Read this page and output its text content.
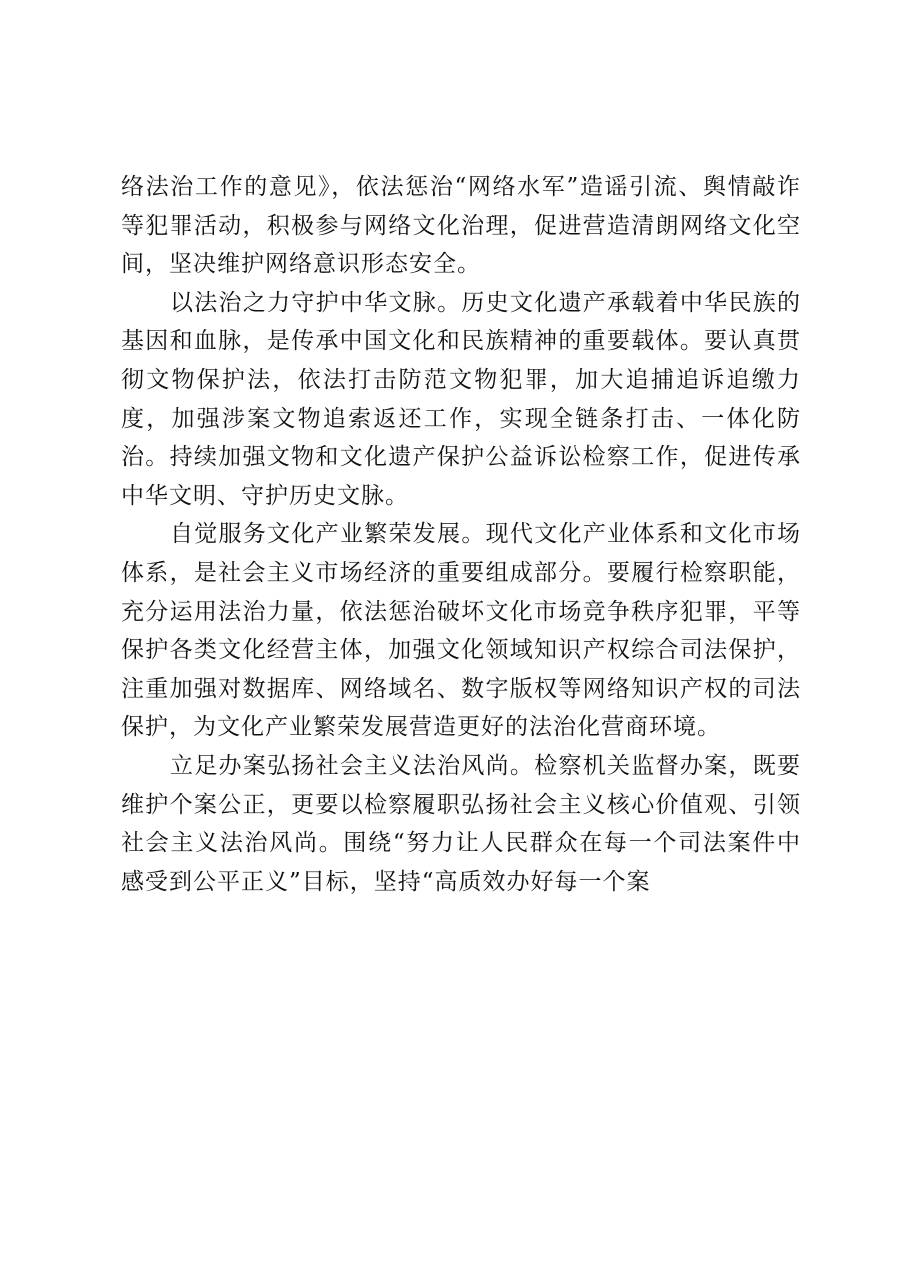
络法治工作的意见》，依法惩治“网络水军”造谣引流、舆情敲诈等犯罪活动，积极参与网络文化治理，促进营造清朗网络文化空间，坚决维护网络意识形态安全。

以法治之力守护中华文脉。历史文化遗产承载着中华民族的基因和血脉，是传承中国文化和民族精神的重要载体。要认真贯彻文物保护法，依法打击防范文物犯罪，加大追捕追诉追缴力度，加强涉案文物追索返还工作，实现全链条打击、一体化防治。持续加强文物和文化遗产保护公益诉讼检察工作，促进传承中华文明、守护历史文脉。

自觉服务文化产业繁荣发展。现代文化产业体系和文化市场体系，是社会主义市场经济的重要组成部分。要履行检察职能，充分运用法治力量，依法惩治破坏文化市场竞争秩序犯罪，平等保护各类文化经营主体，加强文化领域知识产权综合司法保护，注重加强对数据库、网络域名、数字版权等网络知识产权的司法保护，为文化产业繁荣发展营造更好的法治化营商环境。

立足办案弘扬社会主义法治风尚。检察机关监督办案，既要维护个案公正，更要以检察履职弘扬社会主义核心价值观、引领社会主义法治风尚。围绕“努力让人民群众在每一个司法案件中感受到公平正义”目标，坚持“高质效办好每一个案
